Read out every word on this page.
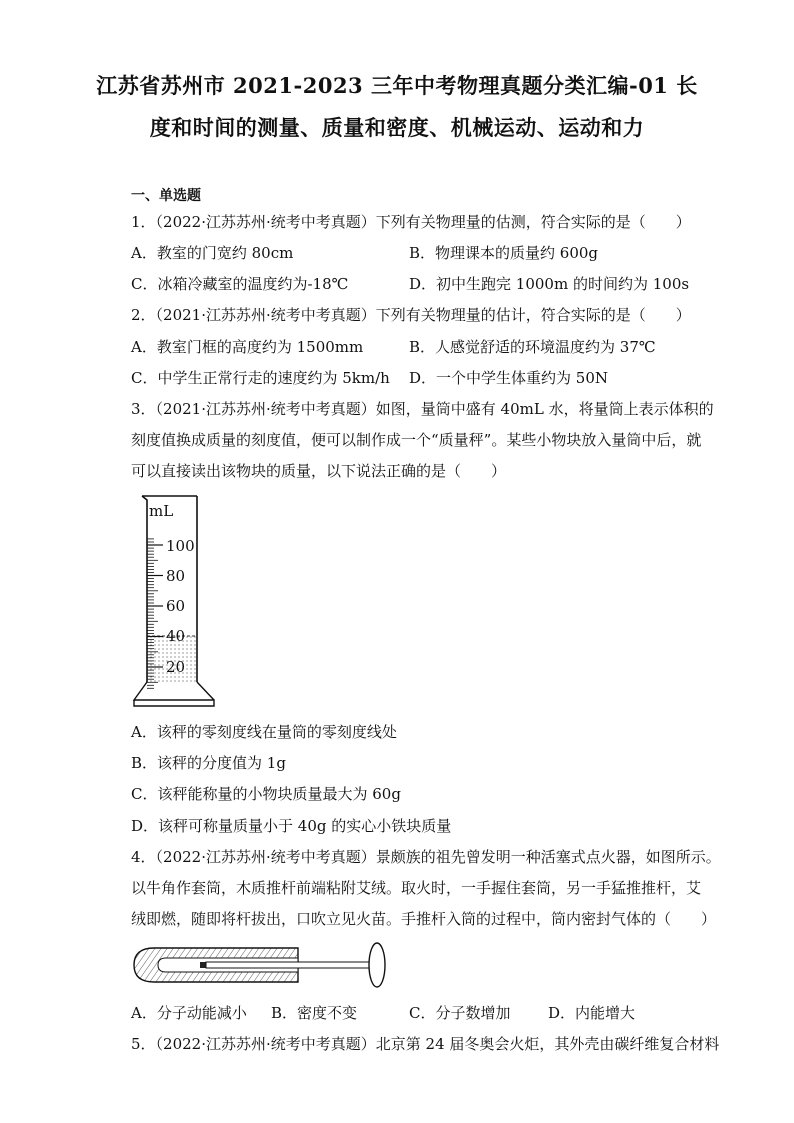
江苏省苏州市 2021-2023 三年中考物理真题分类汇编-01 长
度和时间的测量、质量和密度、机械运动、运动和力
一、单选题
1．（2022·江苏苏州·统考中考真题）下列有关物理量的估测，符合实际的是（　　）
A．教室的门宽约 80cm	B．物理课本的质量约 600g
C．冰箱冷藏室的温度约为-18℃	D．初中生跑完 1000m 的时间约为 100s
2．（2021·江苏苏州·统考中考真题）下列有关物理量的估计，符合实际的是（　　）
A．教室门框的高度约为 1500mm	B．人感觉舒适的环境温度约为 37℃
C．中学生正常行走的速度约为 5km/h D．一个中学生体重约为 50N
3．（2021·江苏苏州·统考中考真题）如图，量筒中盛有 40mL 水，将量筒上表示体积的
刻度值换成质量的刻度值，便可以制作成一个“质量秤”。某些小物块放入量筒中后，就
可以直接读出该物块的质量，以下说法正确的是（　　）
mL
100
80
60
40
20
A．该秤的零刻度线在量筒的零刻度线处
B．该秤的分度值为 1g
C．该秤能称量的小物块质量最大为 60g
D．该秤可称量质量小于 40g 的实心小铁块质量
4．（2022·江苏苏州·统考中考真题）景颇族的祖先曾发明一种活塞式点火器，如图所示。
以牛角作套筒，木质推杆前端粘附艾绒。取火时，一手握住套筒，另一手猛推推杆，艾
绒即燃，随即将杆拔出，口吹立见火苗。手推杆入筒的过程中，筒内密封气体的（　　）
A．分子动能减小 B．密度不变	C．分子数增加	D．内能增大
5．（2022·江苏苏州·统考中考真题）北京第 24 届冬奥会火炬，其外壳由碳纤维复合材料
